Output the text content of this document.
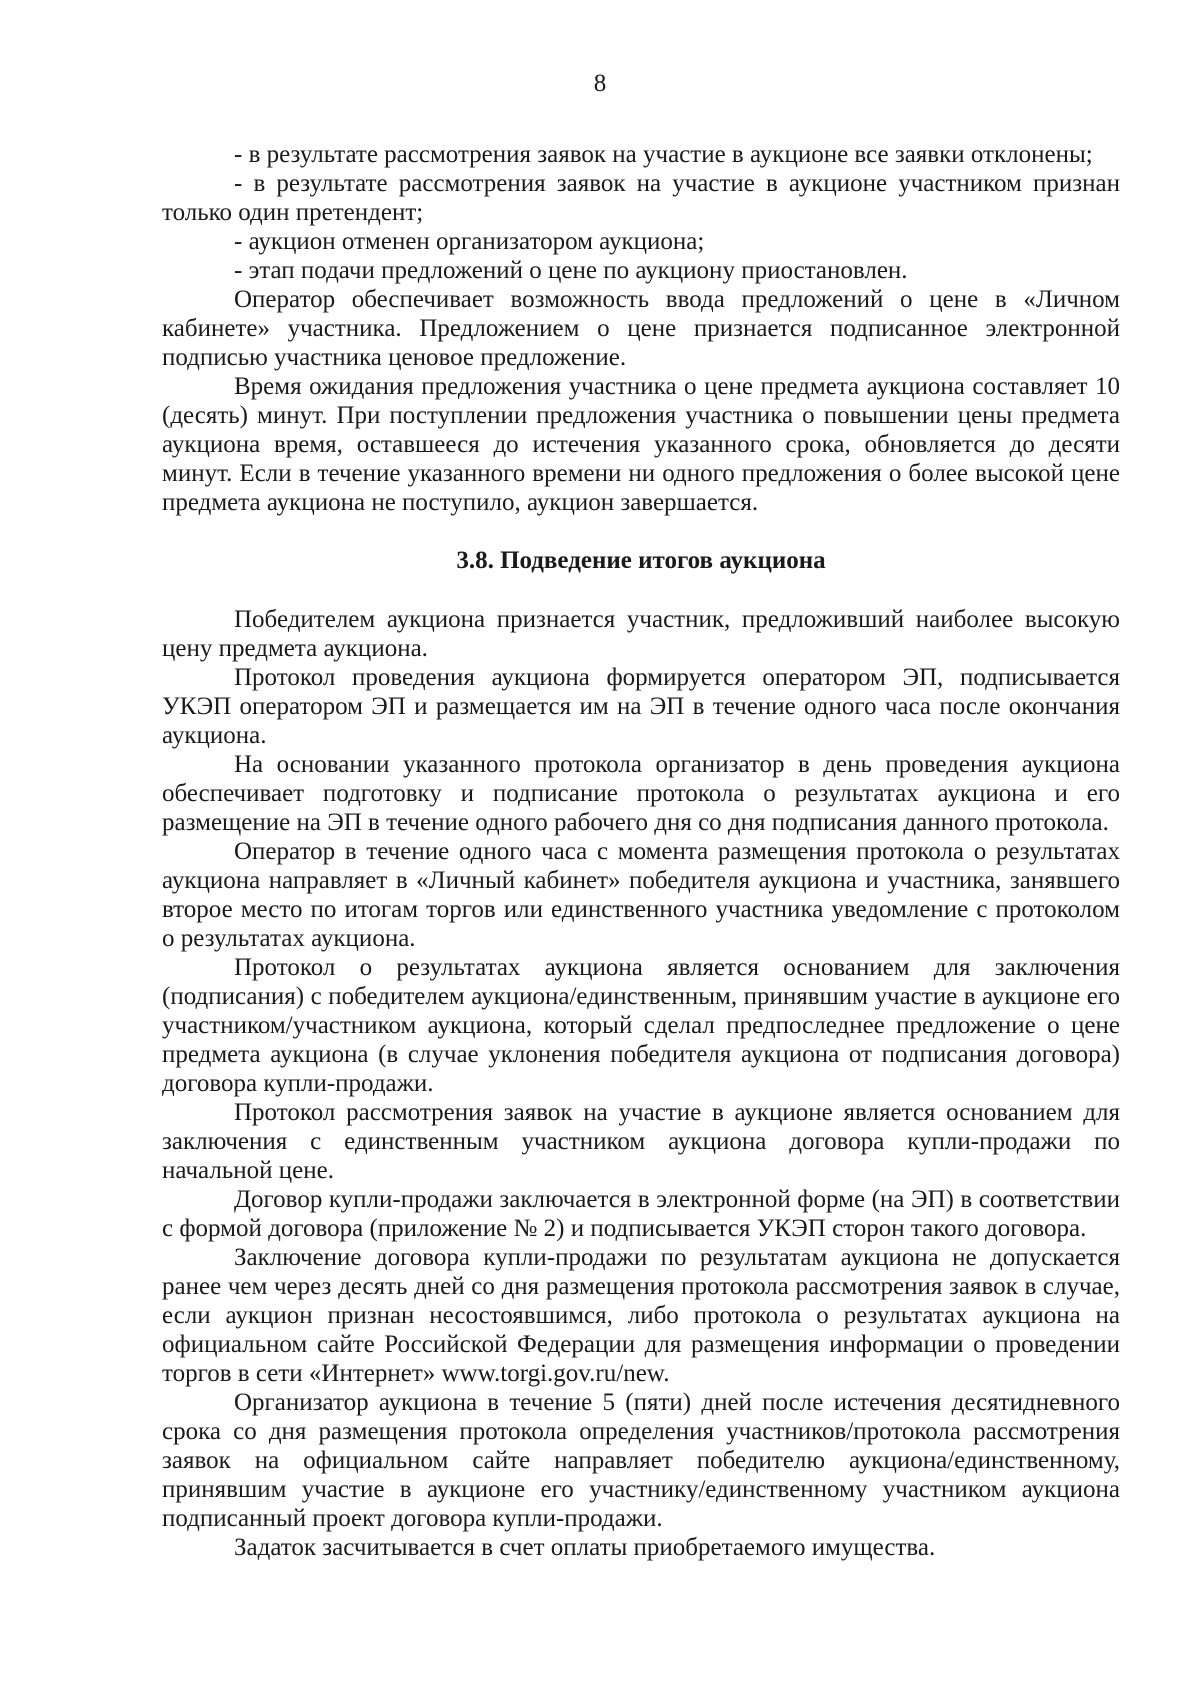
8

- в результате рассмотрения заявок на участие в аукционе все заявки отклонены;

- в результате рассмотрения заявок на участие в аукционе участником признан только один претендент;

- аукцион отменен организатором аукциона;

- этап подачи предложений о цене по аукциону приостановлен.

Оператор обеспечивает возможность ввода предложений о цене в «Личном кабинете» участника. Предложением о цене признается подписанное электронной подписью участника ценовое предложение.

Время ожидания предложения участника о цене предмета аукциона составляет 10 (десять) минут. При поступлении предложения участника о повышении цены предмета аукциона время, оставшееся до истечения указанного срока, обновляется до десяти минут. Если в течение указанного времени ни одного предложения о более высокой цене предмета аукциона не поступило, аукцион завершается.

3.8. Подведение итогов аукциона

Победителем аукциона признается участник, предложивший наиболее высокую цену предмета аукциона.

Протокол проведения аукциона формируется оператором ЭП, подписывается УКЭП оператором ЭП и размещается им на ЭП в течение одного часа после окончания аукциона.

На основании указанного протокола организатор в день проведения аукциона обеспечивает подготовку и подписание протокола о результатах аукциона и его размещение на ЭП в течение одного рабочего дня со дня подписания данного протокола.

Оператор в течение одного часа с момента размещения протокола о результатах аукциона направляет в «Личный кабинет» победителя аукциона и участника, занявшего второе место по итогам торгов или единственного участника уведомление с протоколом о результатах аукциона.

Протокол о результатах аукциона является основанием для заключения (подписания) с победителем аукциона/единственным, принявшим участие в аукционе его участником/участником аукциона, который сделал предпоследнее предложение о цене предмета аукциона (в случае уклонения победителя аукциона от подписания договора) договора купли-продажи.

Протокол рассмотрения заявок на участие в аукционе является основанием для заключения с единственным участником аукциона договора купли-продажи по начальной цене.

Договор купли-продажи заключается в электронной форме (на ЭП) в соответствии с формой договора (приложение № 2) и подписывается УКЭП сторон такого договора.

Заключение договора купли-продажи по результатам аукциона не допускается ранее чем через десять дней со дня размещения протокола рассмотрения заявок в случае, если аукцион признан несостоявшимся, либо протокола о результатах аукциона на официальном сайте Российской Федерации для размещения информации о проведении торгов в сети «Интернет» www.torgi.gov.ru/new.

Организатор аукциона в течение 5 (пяти) дней после истечения десятидневного срока со дня размещения протокола определения участников/протокола рассмотрения заявок на официальном сайте направляет победителю аукциона/единственному, принявшим участие в аукционе его участнику/единственному участником аукциона подписанный проект договора купли-продажи.

Задаток засчитывается в счет оплаты приобретаемого имущества.
